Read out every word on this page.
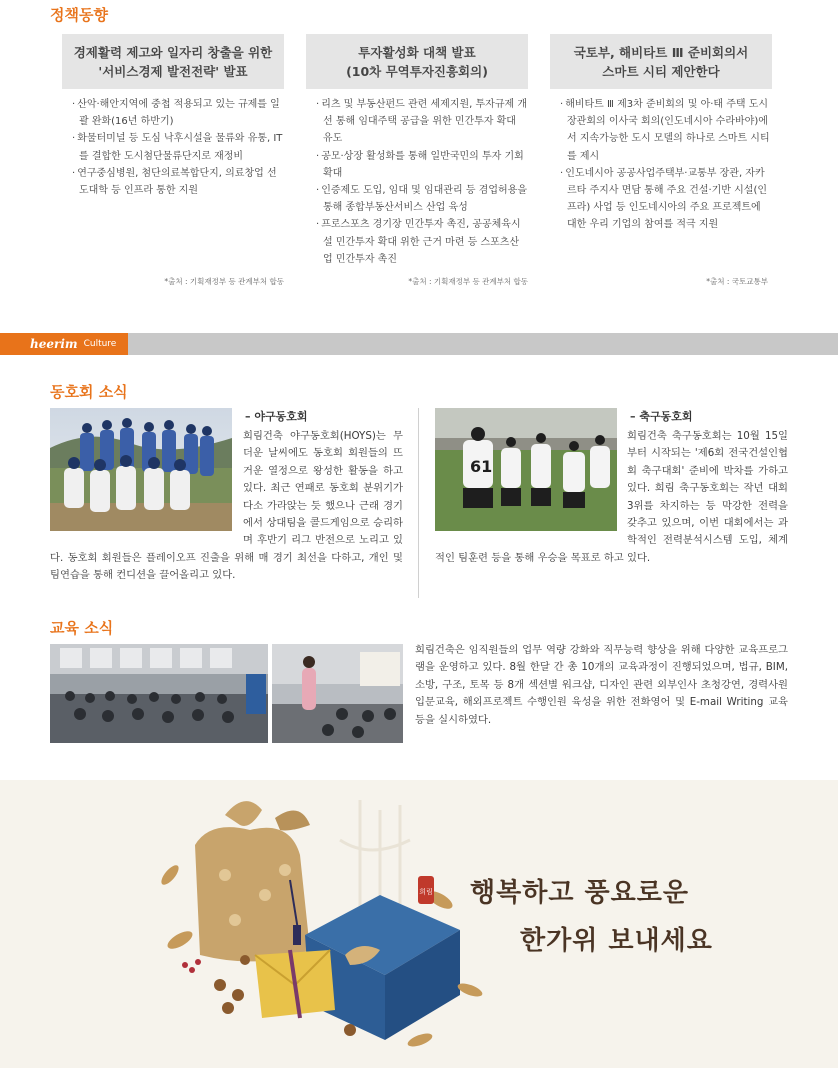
정책동향
경제활력 제고와 일자리 창출을 위한
'서비스경제 발전전략' 발표
· 산악·해안지역에 중첩 적용되고 있는 규제를 일괄 완화(16년 하반기)
· 화물터미널 등 도심 낙후시설을 물류와 유통, IT를 결합한 도시첨단물류단지로 재정비
· 연구중심병원, 첨단의료복합단지, 의료창업 선도대학 등 인프라 통한 지원
*출처 : 기획재정부 등 관계부처 합동
투자활성화 대책 발표
(10차 무역투자진흥회의)
· 리츠 및 부동산펀드 관련 세제지원, 투자규제 개선 통해 임대주택 공급을 위한 민간투자 확대 유도
· 공모·상장 활성화를 통해 일반국민의 투자 기회 확대
· 인증제도 도입, 임대 및 임대관리 등 겸업허용을 통해 종합부동산서비스 산업 육성
· 프로스포츠 경기장 민간투자 촉진, 공공체육시설 민간투자 확대 위한 근거 마련 등 스포츠산업 민간투자 촉진
*출처 : 기획재정부 등 관계부처 합동
국토부, 해비타트 Ⅲ 준비회의서
스마트 시티 제안한다
· 해비타트 Ⅲ 제3차 준비회의 및 아·태 주택 도시장관회의 이사국 회의(인도네시아 수라바야)에서 지속가능한 도시 모델의 하나로 스마트 시티를 제시
· 인도네시아 공공사업주택부·교통부 장관, 자카르타 주지사 면담 통해 주요 건설·기반 시설(인프라) 사업 등 인도네시아의 주요 프로젝트에 대한 우리 기업의 참여를 적극 지원
*출처 : 국토교통부
heerim Culture
동호회 소식
– 야구동호회
희림건축 야구동호회(HOYS)는 무더운 날씨에도 동호회 회원들의 뜨거운 열정으로 왕성한 활동을 하고 있다. 최근 연패로 동호회 분위기가 다소 가라앉는 듯 했으나 근래 경기에서 상대팀을 콜드게임으로 승리하며 후반기 리그 반전으로 노리고 있다. 동호회 회원들은 플레이오프 진출을 위해 매 경기 최선을 다하고, 개인 및 팀연습을 통해 컨디션을 끌어올리고 있다.
61
– 축구동호회
희림건축 축구동호회는 10월 15일부터 시작되는 '제6회 전국건설인협회 축구대회' 준비에 박차를 가하고 있다. 희림 축구동호회는 작년 대회 3위를 차지하는 등 막강한 전력을 갖추고 있으며, 이번 대회에서는 과학적인 전력분석시스템 도입, 체계적인 팀훈련 등을 통해 우승을 목표로 하고 있다.
교육 소식
희림건축은 임직원들의 업무 역량 강화와 직무능력 향상을 위해 다양한 교육프로그램을 운영하고 있다. 8월 한달 간 총 10개의 교육과정이 진행되었으며, 법규, BIM, 소방, 구조, 토목 등 8개 섹션별 워크샵, 디자인 관련 외부인사 초청강연, 경력사원 입문교육, 해외프로젝트 수행인원 육성을 위한 전화영어 및 E-mail Writing 교육 등을 실시하였다.
희림 행복하고 풍요로운
한가위 보내세요
